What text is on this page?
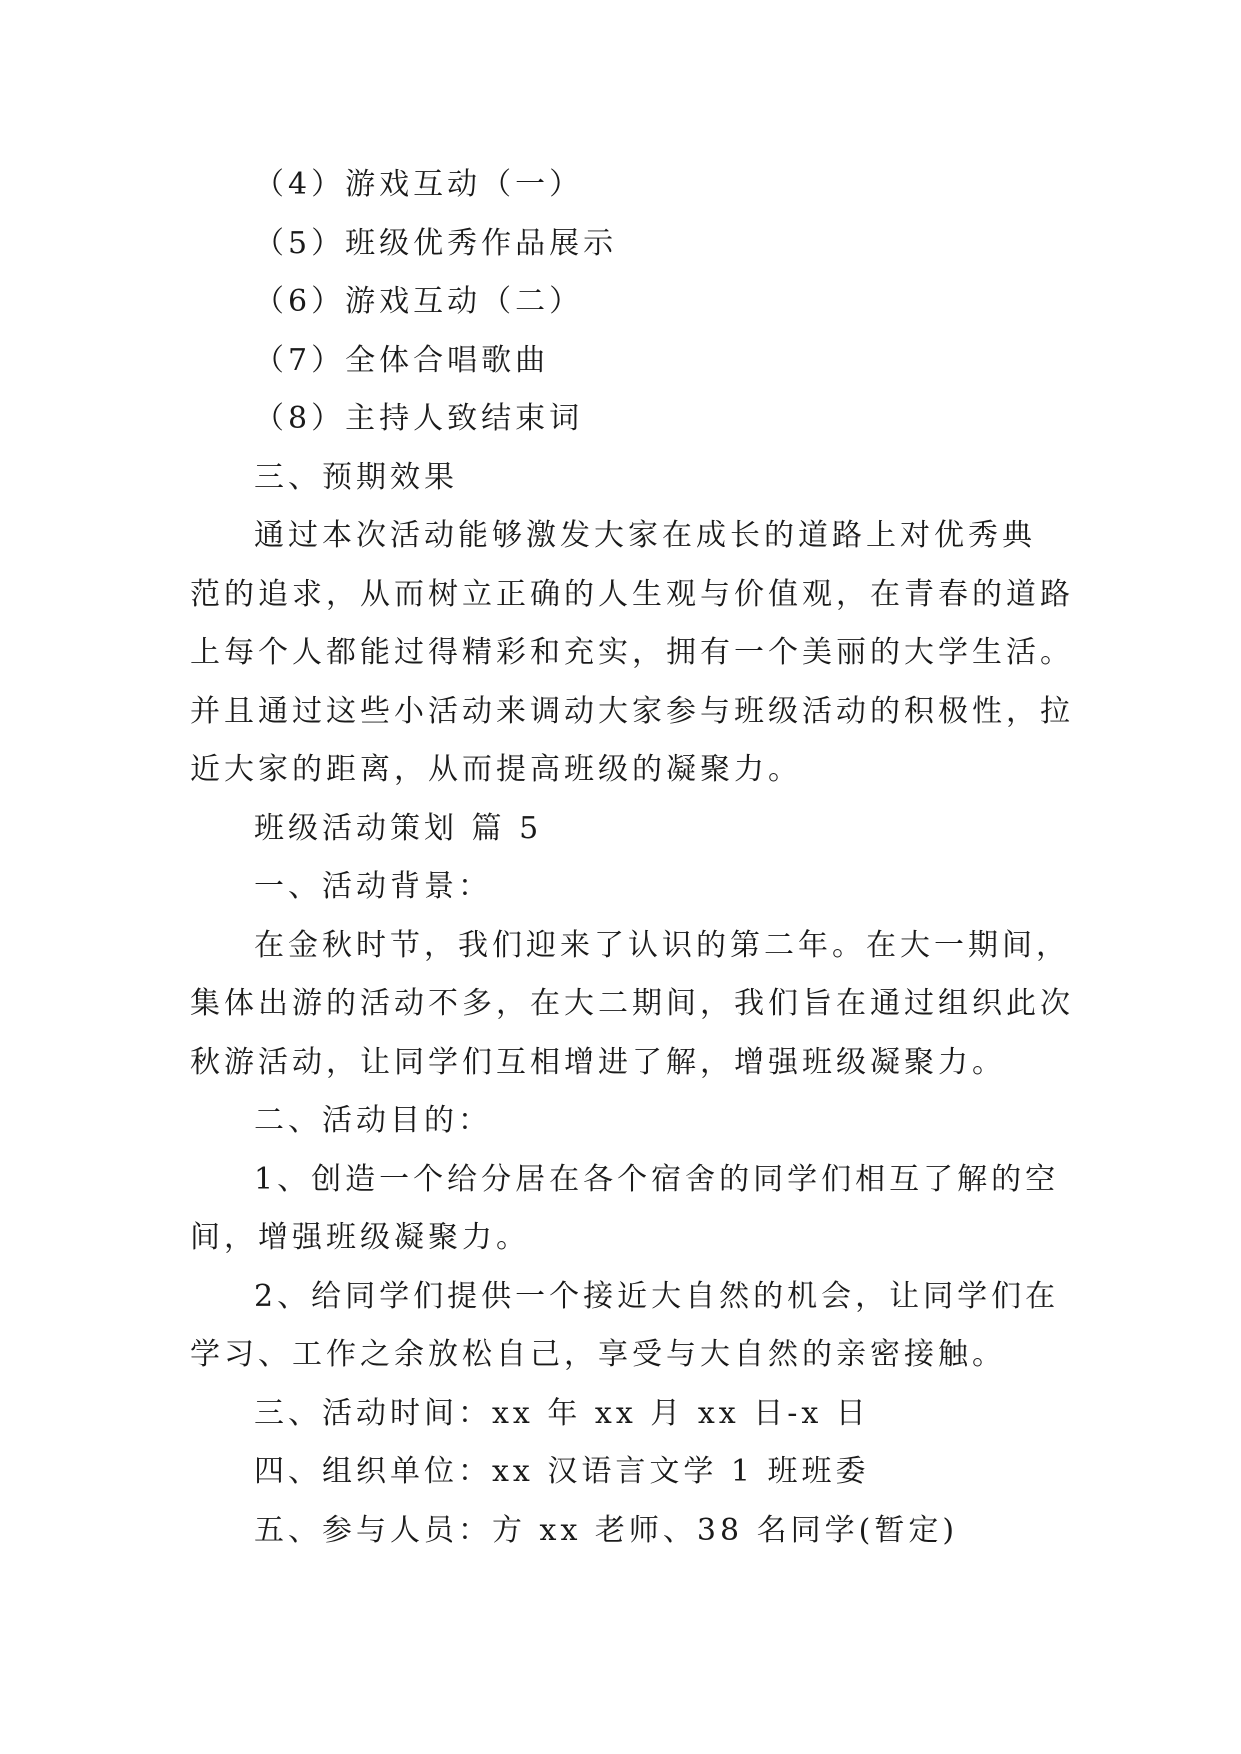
（4）游戏互动（一）
（5）班级优秀作品展示
（6）游戏互动（二）
（7）全体合唱歌曲
（8）主持人致结束词
三、预期效果
通过本次活动能够激发大家在成长的道路上对优秀典
范的追求，从而树立正确的人生观与价值观，在青春的道路
上每个人都能过得精彩和充实，拥有一个美丽的大学生活。
并且通过这些小活动来调动大家参与班级活动的积极性，拉
近大家的距离，从而提高班级的凝聚力。
班级活动策划 篇 5
一、活动背景：
在金秋时节，我们迎来了认识的第二年。在大一期间，
集体出游的活动不多，在大二期间，我们旨在通过组织此次
秋游活动，让同学们互相增进了解，增强班级凝聚力。
二、活动目的：
1、创造一个给分居在各个宿舍的同学们相互了解的空
间，增强班级凝聚力。
2、给同学们提供一个接近大自然的机会，让同学们在
学习、工作之余放松自己，享受与大自然的亲密接触。
三、活动时间：xx 年 xx 月 xx 日-x 日
四、组织单位：xx 汉语言文学 1 班班委
五、参与人员：方 xx 老师、38 名同学(暂定)
